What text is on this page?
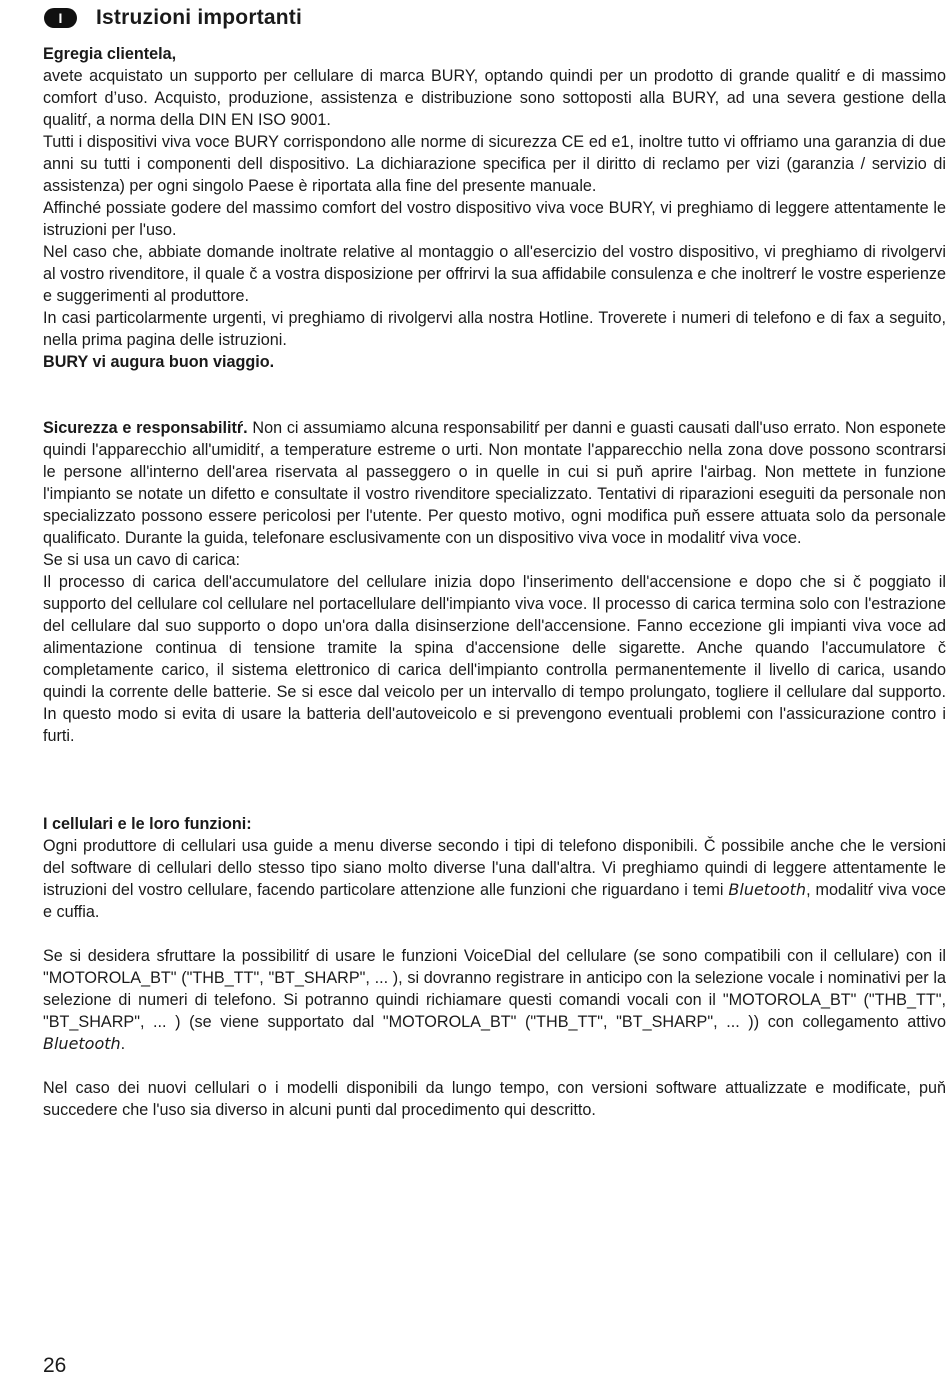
I	Istruzioni importanti

Egregia clientela,

avete acquistato un supporto per cellulare di marca BURY, optando quindi per un prodotto di grande qualitŕ e di massimo comfort d’uso. Acquisto, produzione, assistenza e distribuzione sono sottoposti alla BURY, ad una severa gestione della qualitŕ, a norma della DIN EN ISO 9001.

Tutti i dispositivi viva voce BURY corrispondono alle norme di sicurezza CE ed e1, inoltre tutto vi offriamo una garanzia di due anni su tutti i componenti dell dispositivo. La dichiarazione specifica per il diritto di reclamo per vizi (garanzia / servizio di assistenza) per ogni singolo Paese è riportata alla fine del presente manuale.

Affinché possiate godere del massimo comfort del vostro dispositivo viva voce BURY, vi preghiamo di leggere attentamente le istruzioni per l'uso.

Nel caso che, abbiate domande inoltrate relative al montaggio o all'esercizio del vostro dispositivo, vi preghiamo di rivolgervi al vostro rivenditore, il quale č a vostra disposizione per offrirvi la sua affidabile consulenza e che inoltrerŕ le vostre esperienze e suggerimenti al produttore.

In casi particolarmente urgenti, vi preghiamo di rivolgervi alla nostra Hotline. Troverete i numeri di telefono e di fax a seguito, nella prima pagina delle istruzioni.

BURY vi augura buon viaggio.

Sicurezza e responsabilitŕ. Non ci assumiamo alcuna responsabilitŕ per danni e guasti causati dall'uso errato. Non esponete quindi l'apparecchio all'umiditŕ, a temperature estreme o urti. Non montate l'apparecchio nella zona dove possono scontrarsi le persone all'interno dell'area riservata al passeggero o in quelle in cui si puň aprire l'airbag. Non mettete in funzione l'impianto se notate un difetto e consultate il vostro rivenditore specializzato. Tentativi di riparazioni eseguiti da personale non specializzato possono essere pericolosi per l'utente. Per questo motivo, ogni modifica puň essere attuata solo da personale qualificato. Durante la guida, telefonare esclusivamente con un dispositivo viva voce in modalitŕ viva voce.

Se si usa un cavo di carica:

Il processo di carica dell'accumulatore del cellulare inizia dopo l'inserimento dell'accensione e dopo che si č poggiato il supporto del cellulare col cellulare nel portacellulare dell'impianto viva voce. Il processo di carica termina solo con l'estrazione del cellulare dal suo supporto o dopo un'ora dalla disinserzione dell'accensione. Fanno eccezione gli impianti viva voce ad alimentazione continua di tensione tramite la spina d'accensione delle sigarette. Anche quando l'accumulatore č completamente carico, il sistema elettronico di carica dell'impianto controlla permanentemente il livello di carica, usando quindi la corrente delle batterie. Se si esce dal veicolo per un intervallo di tempo prolungato, togliere il cellulare dal supporto. In questo modo si evita di usare la batteria dell'autoveicolo e si prevengono eventuali problemi con l'assicurazione contro i furti.

I cellulari e le loro funzioni:

Ogni produttore di cellulari usa guide a menu diverse secondo i tipi di telefono disponibili. Č possibile anche che le versioni del software di cellulari dello stesso tipo siano molto diverse l'una dall'altra. Vi preghiamo quindi di leggere attentamente le istruzioni del vostro cellulare, facendo particolare attenzione alle funzioni che riguardano i temi Bluetooth, modalitŕ viva voce e cuffia.

Se si desidera sfruttare la possibilitŕ di usare le funzioni VoiceDial del cellulare (se sono compatibili con il cellulare) con il "MOTOROLA_BT" ("THB_TT", "BT_SHARP", ... ), si dovranno registrare in anticipo con la selezione vocale i nominativi per la selezione di numeri di telefono. Si potranno quindi richiamare questi comandi vocali con il "MOTOROLA_BT" ("THB_TT", "BT_SHARP", ... ) (se viene supportato dal "MOTOROLA_BT" ("THB_TT", "BT_SHARP", ... )) con collegamento attivo Bluetooth.

Nel caso dei nuovi cellulari o i modelli disponibili da lungo tempo, con versioni software attualizzate e modificate, puň succedere che l'uso sia diverso in alcuni punti dal procedimento qui descritto.

26
